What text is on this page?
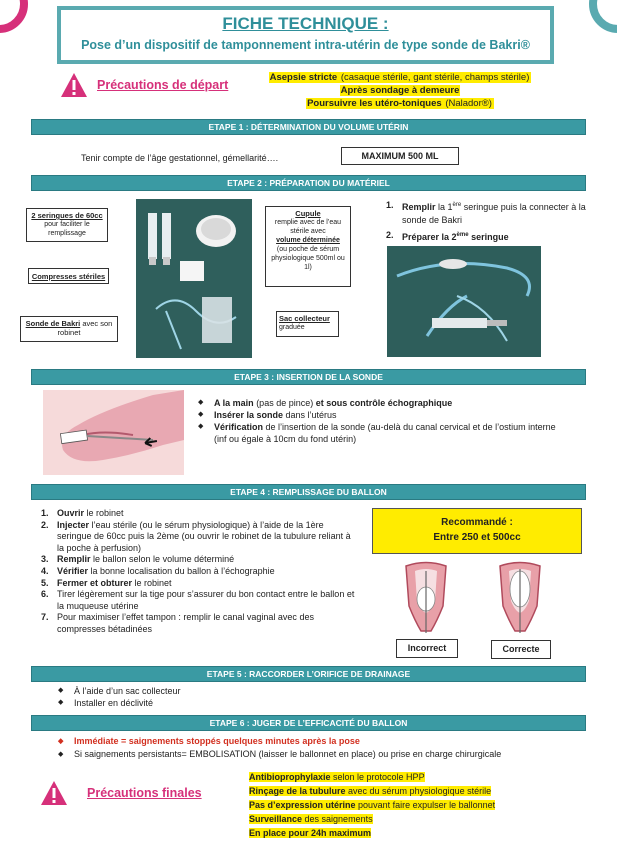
FICHE TECHNIQUE :
Pose d’un dispositif de tamponnement intra-utérin de type sonde de Bakri®
Précautions de départ
Asepsie stricte (casaque stérile, gant stérile, champs stérile)
Après sondage à demeure
Poursuivre les utéro-toniques (Nalador®)
ETAPE 1 : DÉTERMINATION DU VOLUME UTÉRIN
Tenir compte de l’âge gestationnel, gémellarité….	MAXIMUM 500 ML
ETAPE 2 : PRÉPARATION DU MATÉRIEL
2 seringues de 60cc
pour faciliter le remplissage
Compresses stériles
Sonde de Bakri avec son robinet
Cupule
remplie avec de l’eau stérile avec
volume déterminée
(ou poche de sérum physiologique 500ml ou 1l)
Sac collecteur
graduée
1. Remplir la 1ère seringue puis la connecter à la sonde de Bakri
2. Préparer la 2ème seringue
ETAPE 3 : INSERTION DE LA SONDE
◆ A la main (pas de pince) et sous contrôle échographique
◆ Insérer la sonde dans l’utérus
◆ Vérification de l’insertion de la sonde (au-delà du canal cervical et de l’ostium interne (inf ou égale à 10cm du fond utérin)
ETAPE 4 : REMPLISSAGE DU BALLON
1. Ouvrir le robinet
2. Injecter l’eau stérile (ou le sérum physiologique) à l’aide de la 1ère seringue de 60cc puis la 2ème (ou ouvrir le robinet de la tubulure reliant à la poche à perfusion)
3. Remplir le ballon selon le volume déterminé
4. Vérifier la bonne localisation du ballon à l’échographie
5. Fermer et obturer le robinet
6. Tirer légèrement sur la tige pour s’assurer du bon contact entre le ballon et la muqueuse utérine
7. Pour maximiser l’effet tampon : remplir le canal vaginal avec des compresses bétadinées
Recommandé :
Entre 250 et 500cc
Incorrect	Correcte
ETAPE 5 : RACCORDER L’ORIFICE DE DRAINAGE
◆ À l’aide d’un sac collecteur
◆ Installer en déclivité
ETAPE 6 : JUGER DE L’EFFICACITÉ DU BALLON
◆ Immédiate = saignements stoppés quelques minutes après la pose
◆ Si saignements persistants= EMBOLISATION (laisser le ballonnet en place) ou prise en charge chirurgicale
Précautions finales
Antibioprophylaxie selon le protocole HPP
Rinçage de la tubulure avec du sérum physiologique stérile
Pas d’expression utérine pouvant faire expulser le ballonnet
Surveillance des saignements
En place pour 24h maximum
